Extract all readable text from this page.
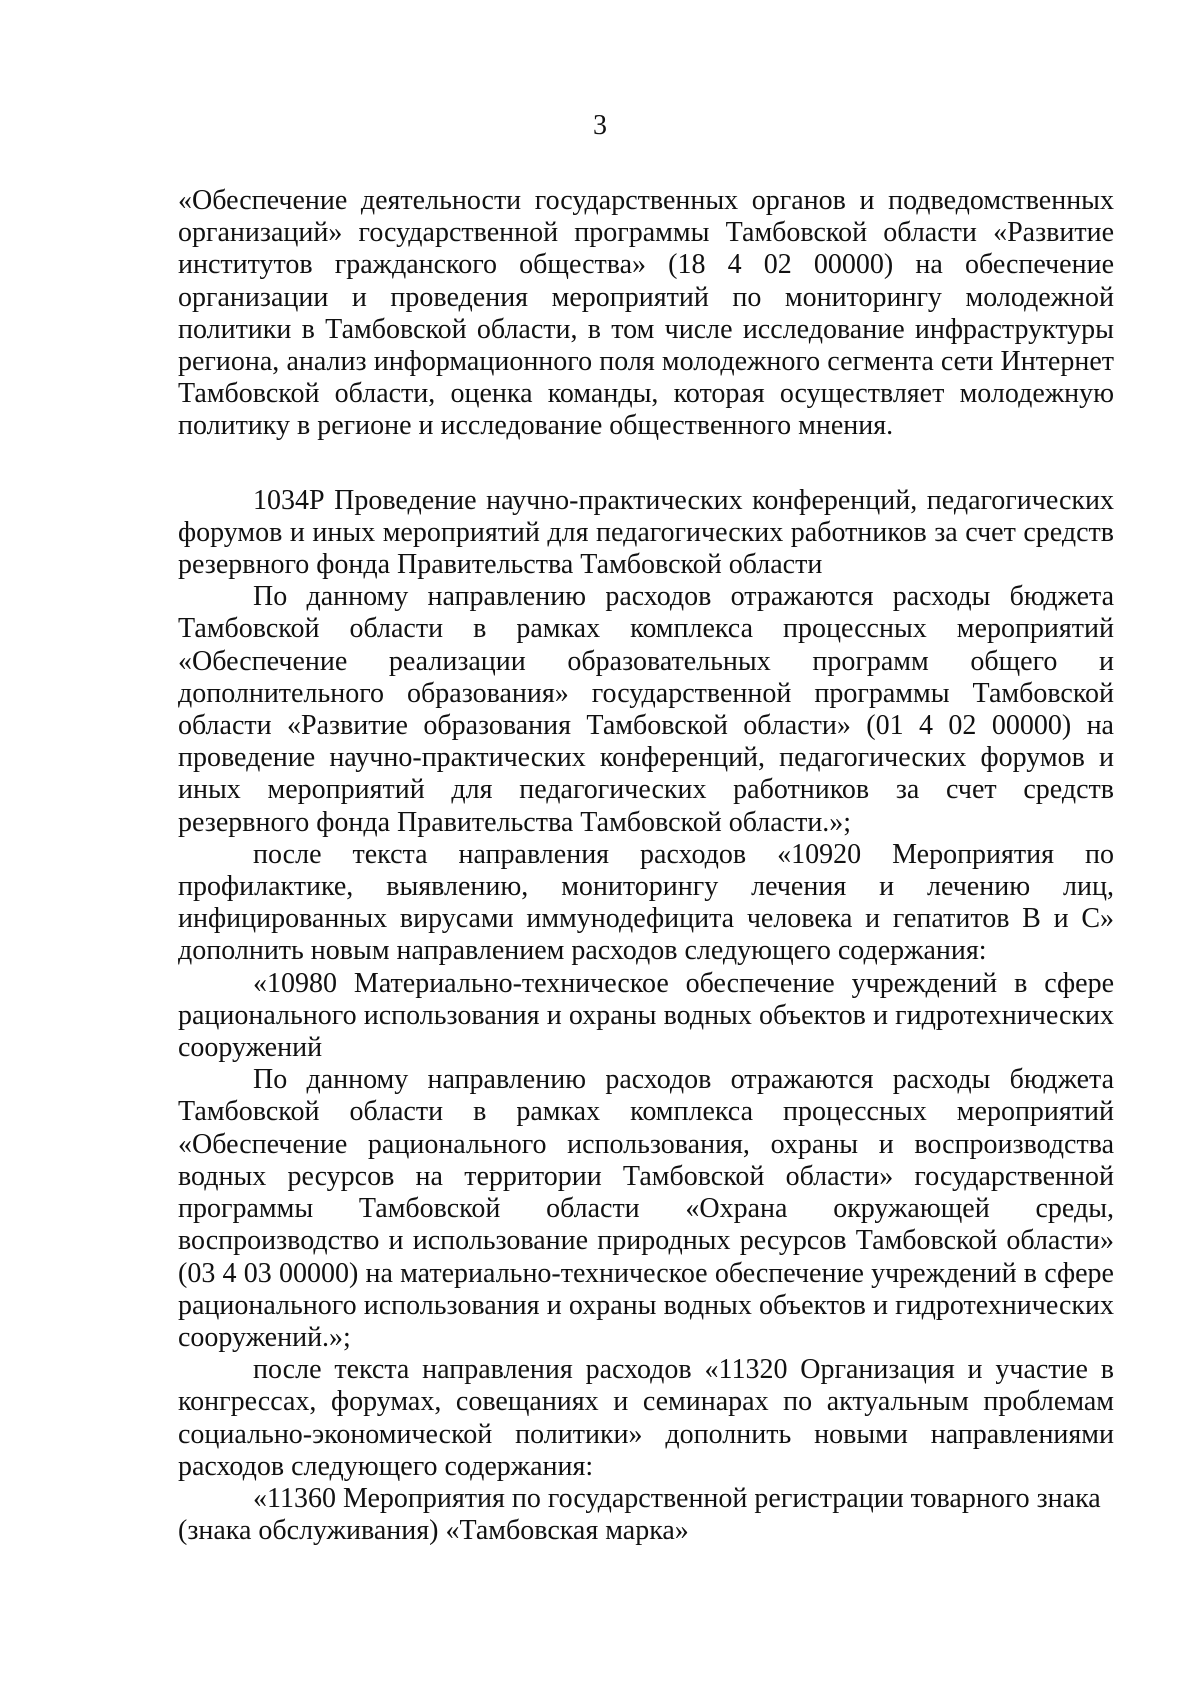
3

«Обеспечение деятельности государственных органов и подведомственных организаций» государственной программы Тамбовской области «Развитие институтов гражданского общества» (18 4 02 00000) на обеспечение организации и проведения мероприятий по мониторингу молодежной политики в Тамбовской области, в том числе исследование инфраструктуры региона, анализ информационного поля молодежного сегмента сети Интернет Тамбовской области, оценка команды, которая осуществляет молодежную политику в регионе и исследование общественного мнения.

1034Р Проведение научно-практических конференций, педагогических форумов и иных мероприятий для педагогических работников за счет средств резервного фонда Правительства Тамбовской области

По данному направлению расходов отражаются расходы бюджета Тамбовской области в рамках комплекса процессных мероприятий «Обеспечение реализации образовательных программ общего и дополнительного образования» государственной программы Тамбовской области «Развитие образования Тамбовской области» (01 4 02 00000) на проведение научно-практических конференций, педагогических форумов и иных мероприятий для педагогических работников за счет средств резервного фонда Правительства Тамбовской области.»;

после текста направления расходов «10920 Мероприятия по профилактике, выявлению, мониторингу лечения и лечению лиц, инфицированных вирусами иммунодефицита человека и гепатитов В и С» дополнить новым направлением расходов следующего содержания:

«10980 Материально-техническое обеспечение учреждений в сфере рационального использования и охраны водных объектов и гидротехнических сооружений

По данному направлению расходов отражаются расходы бюджета Тамбовской области в рамках комплекса процессных мероприятий «Обеспечение рационального использования, охраны и воспроизводства водных ресурсов на территории Тамбовской области» государственной программы Тамбовской области «Охрана окружающей среды, воспроизводство и использование природных ресурсов Тамбовской области» (03 4 03 00000) на материально-техническое обеспечение учреждений в сфере рационального использования и охраны водных объектов и гидротехнических сооружений.»;

после текста направления расходов «11320 Организация и участие в конгрессах, форумах, совещаниях и семинарах по актуальным проблемам социально-экономической политики» дополнить новыми направлениями расходов следующего содержания:

«11360 Мероприятия по государственной регистрации товарного знака (знака обслуживания) «Тамбовская марка»
